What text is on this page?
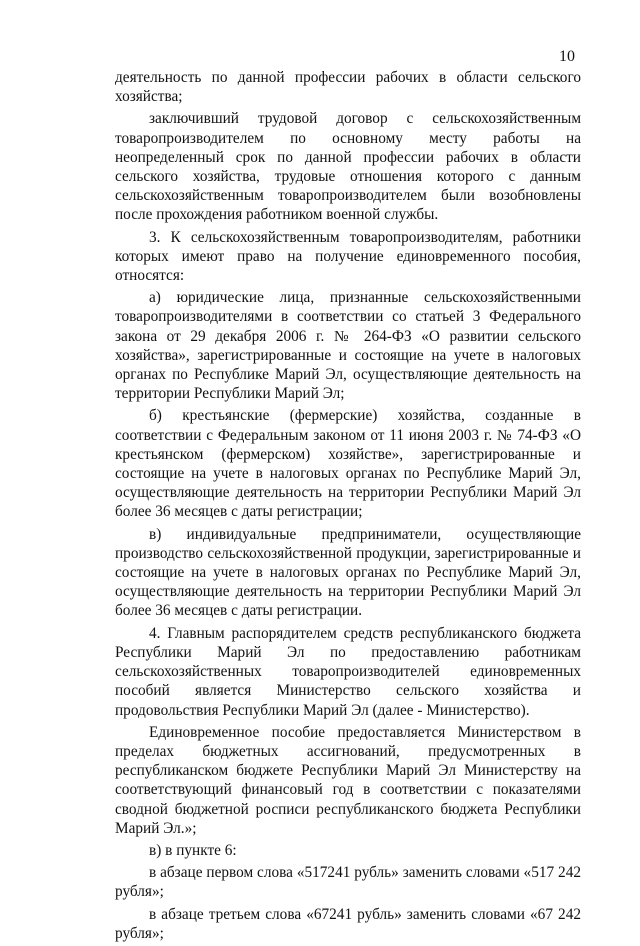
10

деятельность по данной профессии рабочих в области сельского хозяйства;

заключивший трудовой договор с сельскохозяйственным товаропроизводителем по основному месту работы на неопределенный срок по данной профессии рабочих в области сельского хозяйства, трудовые отношения которого с данным сельскохозяйственным товаропроизводителем были возобновлены после прохождения работником военной службы.

3. К сельскохозяйственным товаропроизводителям, работники которых имеют право на получение единовременного пособия, относятся:

а) юридические лица, признанные сельскохозяйственными товаропроизводителями в соответствии со статьей 3 Федерального закона от 29 декабря 2006 г. № 264-ФЗ «О развитии сельского хозяйства», зарегистрированные и состоящие на учете в налоговых органах по Республике Марий Эл, осуществляющие деятельность на территории Республики Марий Эл;

б) крестьянские (фермерские) хозяйства, созданные в соответствии с Федеральным законом от 11 июня 2003 г. № 74-ФЗ «О крестьянском (фермерском) хозяйстве», зарегистрированные и состоящие на учете в налоговых органах по Республике Марий Эл, осуществляющие деятельность на территории Республики Марий Эл более 36 месяцев с даты регистрации;

в) индивидуальные предприниматели, осуществляющие производство сельскохозяйственной продукции, зарегистрированные и состоящие на учете в налоговых органах по Республике Марий Эл, осуществляющие деятельность на территории Республики Марий Эл более 36 месяцев с даты регистрации.

4. Главным распорядителем средств республиканского бюджета Республики Марий Эл по предоставлению работникам сельскохозяйственных товаропроизводителей единовременных пособий является Министерство сельского хозяйства и продовольствия Республики Марий Эл (далее - Министерство).

Единовременное пособие предоставляется Министерством в пределах бюджетных ассигнований, предусмотренных в республиканском бюджете Республики Марий Эл Министерству на соответствующий финансовый год в соответствии с показателями сводной бюджетной росписи республиканского бюджета Республики Марий Эл.»;

в) в пункте 6:

в абзаце первом слова «517241 рубль» заменить словами «517 242 рубля»;

в абзаце третьем слова «67241 рубль» заменить словами «67 242 рубля»;
